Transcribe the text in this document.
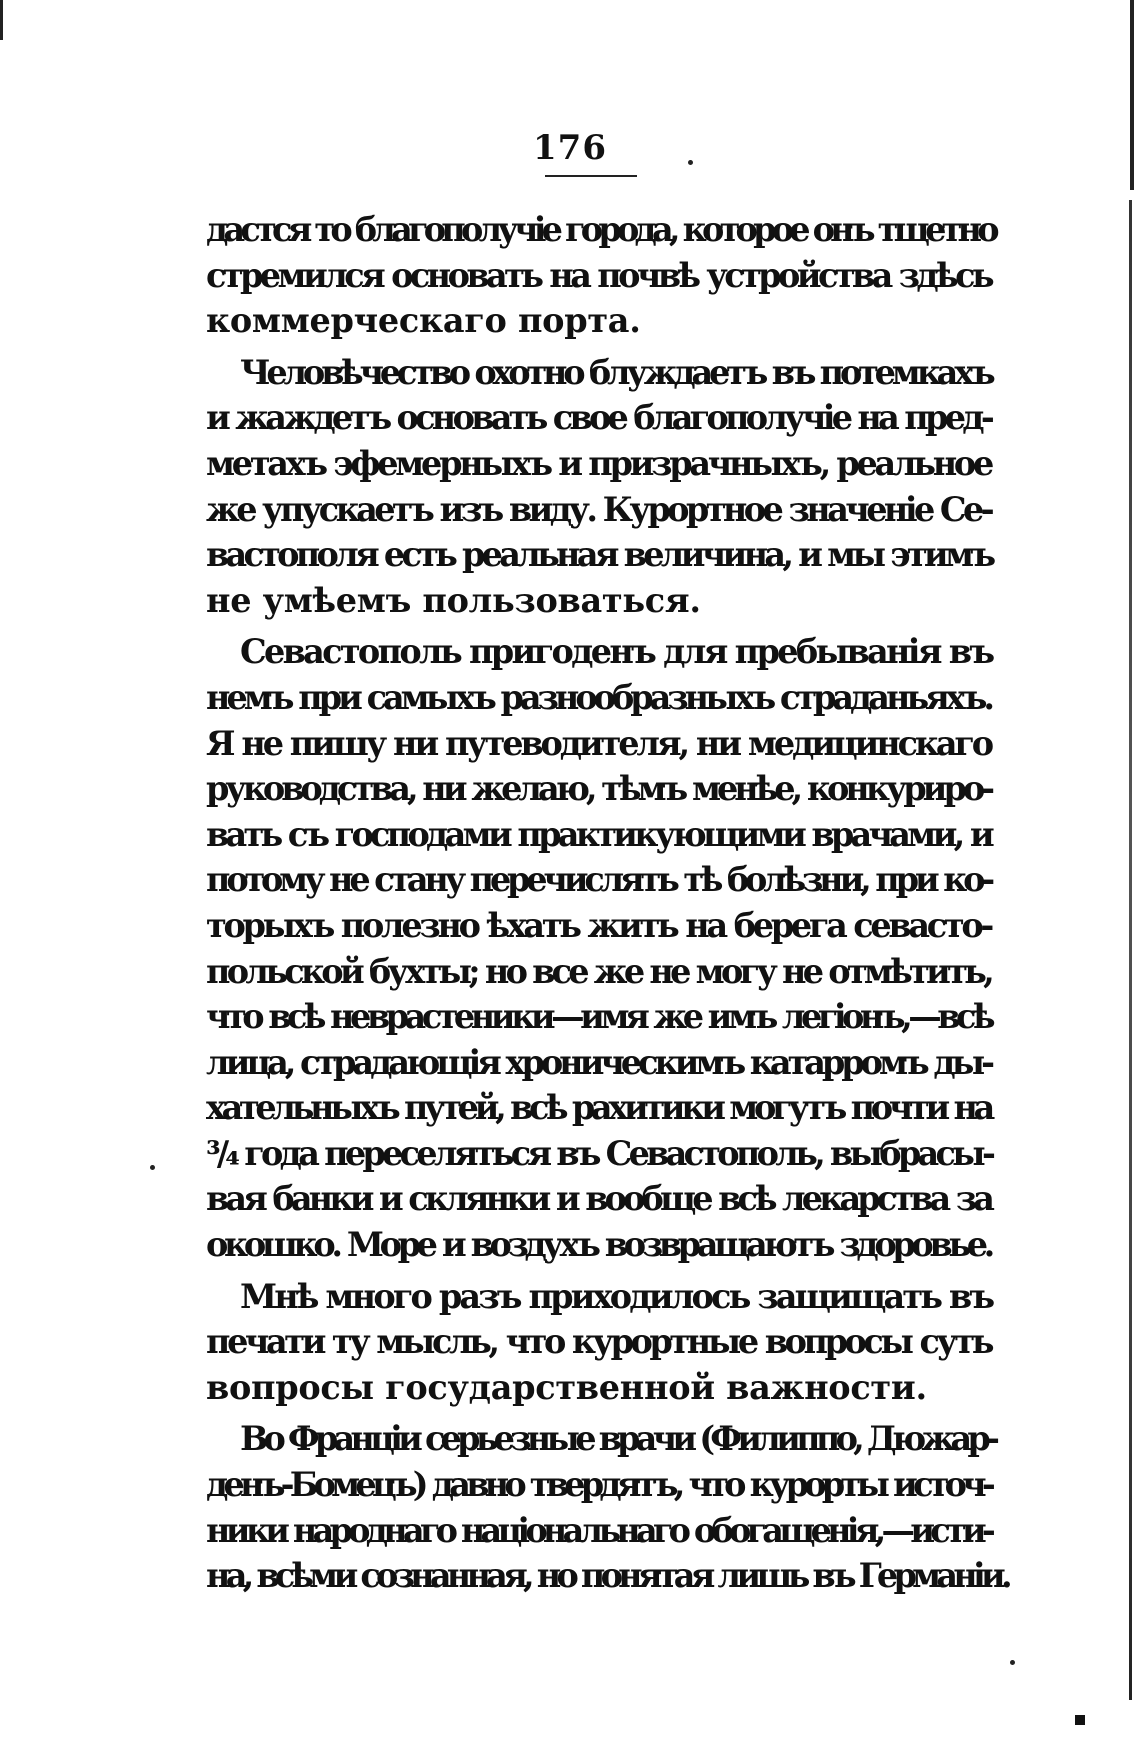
176
дастся то благополучіе города, которое онъ тщетно
стремился основать на почвѣ устройства здѣсь
коммерческаго порта.
Человѣчество охотно блуждаетъ въ потемкахъ
и жаждетъ основать свое благополучіе на пред-
метахъ эфемерныхъ и призрачныхъ, реальное
же упускаетъ изъ виду. Курортное значеніе Се-
вастополя есть реальная величина, и мы этимъ
не умѣемъ пользоваться.
Севастополь пригоденъ для пребыванія въ
немъ при самыхъ разнообразныхъ страданьяхъ.
Я не пишу ни путеводителя, ни медицинскаго
руководства, ни желаю, тѣмъ менѣе, конкуриро-
вать съ господами практикующими врачами, и
потому не стану перечислять тѣ болѣзни, при ко-
торыхъ полезно ѣхать жить на берега севасто-
польской бухты; но все же не могу не отмѣтить,
что всѣ неврастеники—имя же имъ легіонъ,—всѣ
лица, страдающія хроническимъ катарромъ ды-
хательныхъ путей, всѣ рахитики могутъ почти на
³/₄ года переселяться въ Севастополь, выбрасы-
вая банки и склянки и вообще всѣ лекарства за
окошко. Море и воздухъ возвращаютъ здоровье.
Мнѣ много разъ приходилось защищать въ
печати ту мысль, что курортные вопросы суть
вопросы государственной важности.
Во Франціи серьезные врачи (Филиппо, Дюжар-
денъ-Бомецъ) давно твердятъ, что курорты источ-
ники народнаго національнаго обогащенія,—исти-
на, всѣми сознанная, но понятая лишь въ Германіи.
